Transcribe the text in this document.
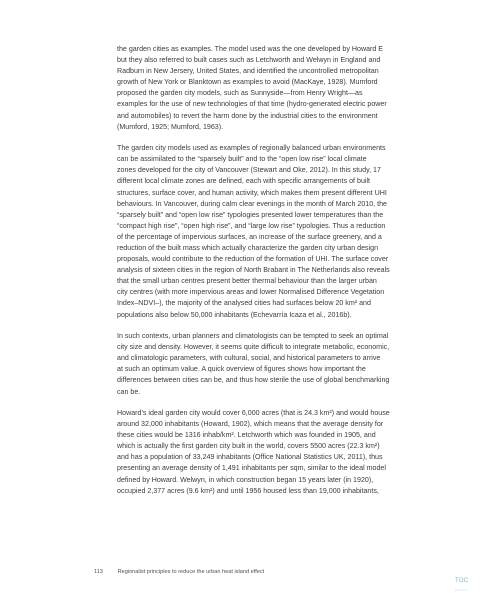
the garden cities as examples. The model used was the one developed by Howard E
but they also referred to built cases such as Letchworth and Welwyn in England and
Radburn in New Jersery, United States, and identified the uncontrolled metropolitan
growth of New York or Blanktown as examples to avoid (MacKaye, 1928). Mumford
proposed the garden city models, such as Sunnyside—from Henry Wright—as
examples for the use of new technologies of that time (hydro-generated electric power
and automobiles) to revert the harm done by the industrial cities to the environment
(Mumford, 1925; Mumford, 1963).

The garden city models used as examples of regionally balanced urban environments
can be assimilated to the “sparsely built” and to the “open low rise” local climate
zones developed for the city of Vancouver (Stewart and Oke, 2012). In this study, 17
different local climate zones are defined, each with specific arrangements of built
structures, surface cover, and human activity, which makes them present different UHI
behaviours. In Vancouver, during calm clear evenings in the month of March 2010, the
“sparsely built” and “open low rise” typologies presented lower temperatures than the
“compact high rise”, “open high rise”, and “large low rise” typologies. Thus a reduction
of the percentage of impervious surfaces, an increase of the surface greenery, and a
reduction of the built mass which actually characterize the garden city urban design
proposals, would contribute to the reduction of the formation of UHI. The surface cover
analysis of sixteen cities in the region of North Brabant in The Netherlands also reveals
that the small urban centres present better thermal behaviour than the larger urban
city centres (with more impervious areas and lower Normalised Difference Vegetation
Index–NDVI–), the majority of the analysed cities had surfaces below 20 km² and
populations also below 50,000 inhabitants (Echevarría Icaza et al., 2016b).

In such contexts, urban planners and climatologists can be tempted to seek an optimal
city size and density. However, it seems quite difficult to integrate metabolic, economic,
and climatologic parameters, with cultural, social, and historical parameters to arrive
at such an optimum value. A quick overview of figures shows how important the
differences between cities can be, and thus how sterile the use of global benchmarking
can be.

Howard’s ideal garden city would cover 6,000 acres (that is 24.3 km²) and would house
around 32,000 inhabitants (Howard, 1902), which means that the average density for
these cities would be 1316 inhab/km². Letchworth which was founded in 1905, and
which is actually the first garden city built in the world, covers 5500 acres (22.3 km²)
and has a population of 33,249 inhabitants (Office National Statistics UK, 2011), thus
presenting an average density of 1,491 inhabitants per sqm, similar to the ideal model
defined by Howard. Welwyn, in which construction began 15 years later (in 1920),
occupied 2,377 acres (9.6 km²) and until 1956 housed less than 19,000 inhabitants,

113	Regionalist principles to reduce the urban heat island effect
TOC
••••••
